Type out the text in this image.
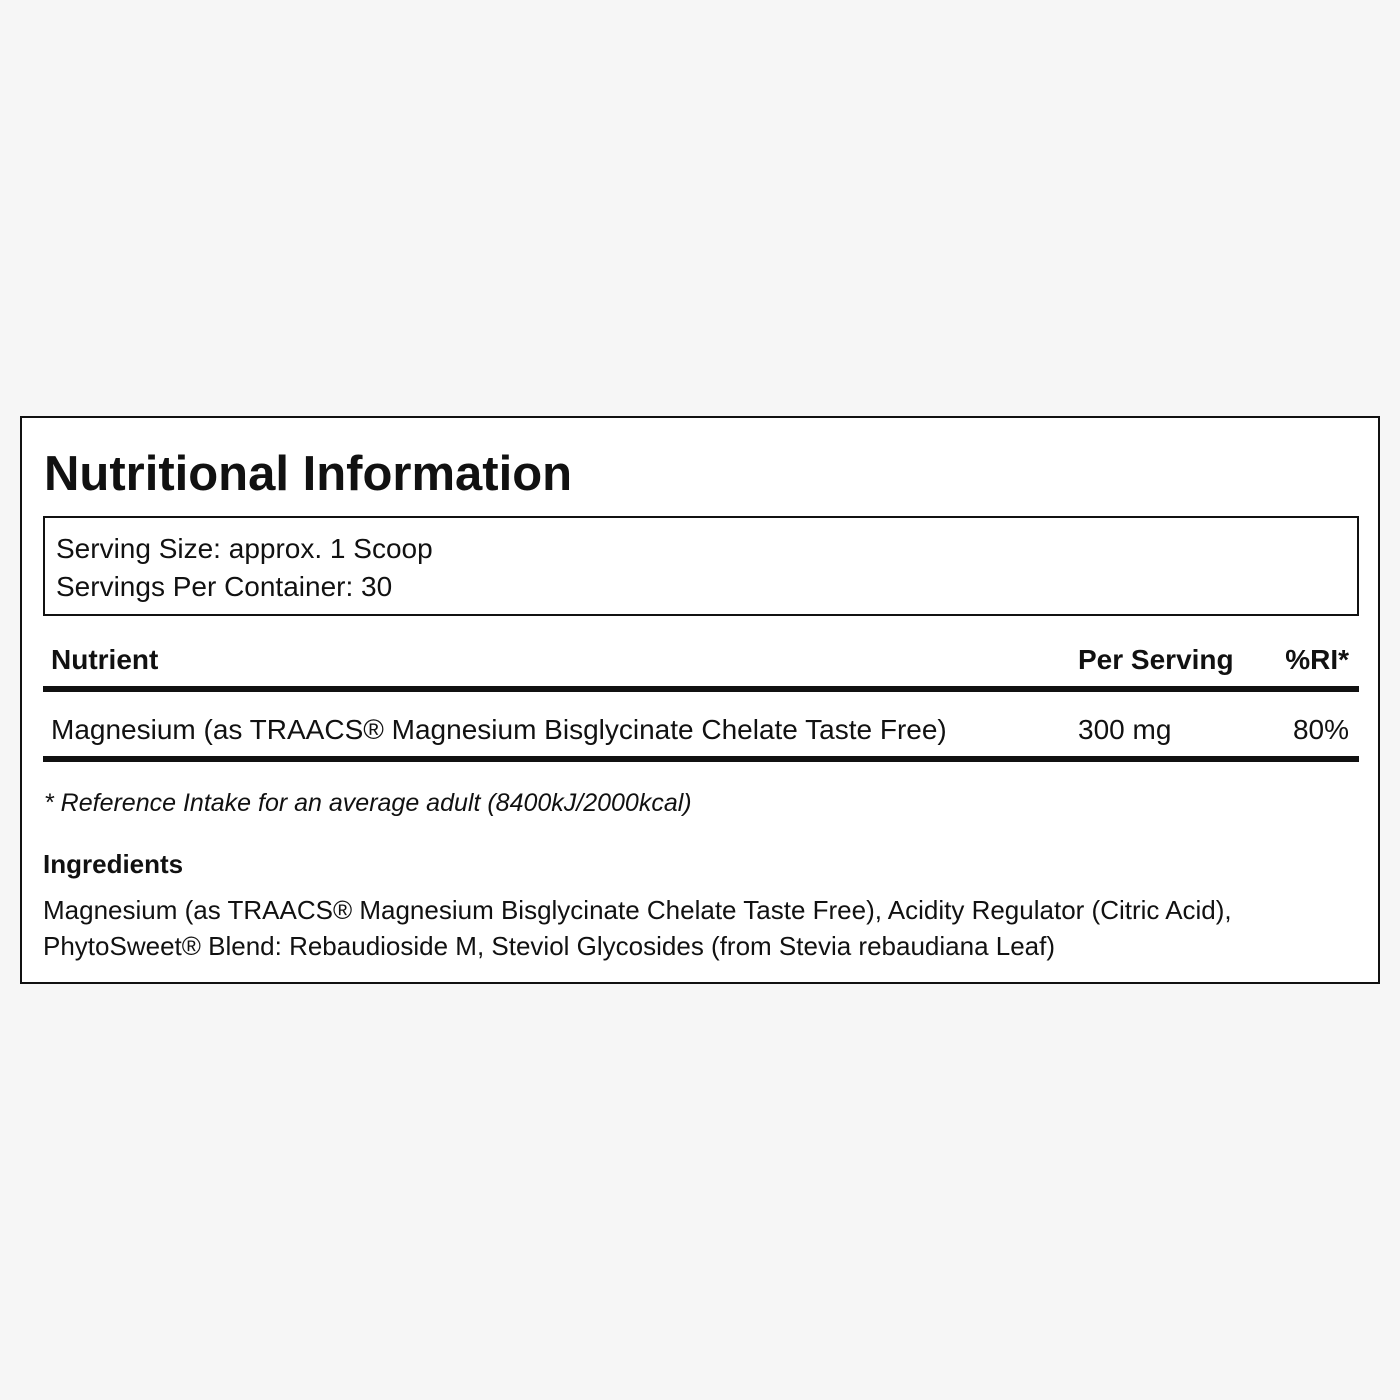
Nutritional Information
Serving Size: approx. 1 Scoop
Servings Per Container: 30
Nutrient	Per Serving %RI*
Magnesium (as TRAACS® Magnesium Bisglycinate Chelate Taste Free)	300 mg	80%
* Reference Intake for an average adult (8400kJ/2000kcal)
Ingredients
Magnesium (as TRAACS® Magnesium Bisglycinate Chelate Taste Free), Acidity Regulator (Citric Acid),
PhytoSweet® Blend: Rebaudioside M, Steviol Glycosides (from Stevia rebaudiana Leaf)
